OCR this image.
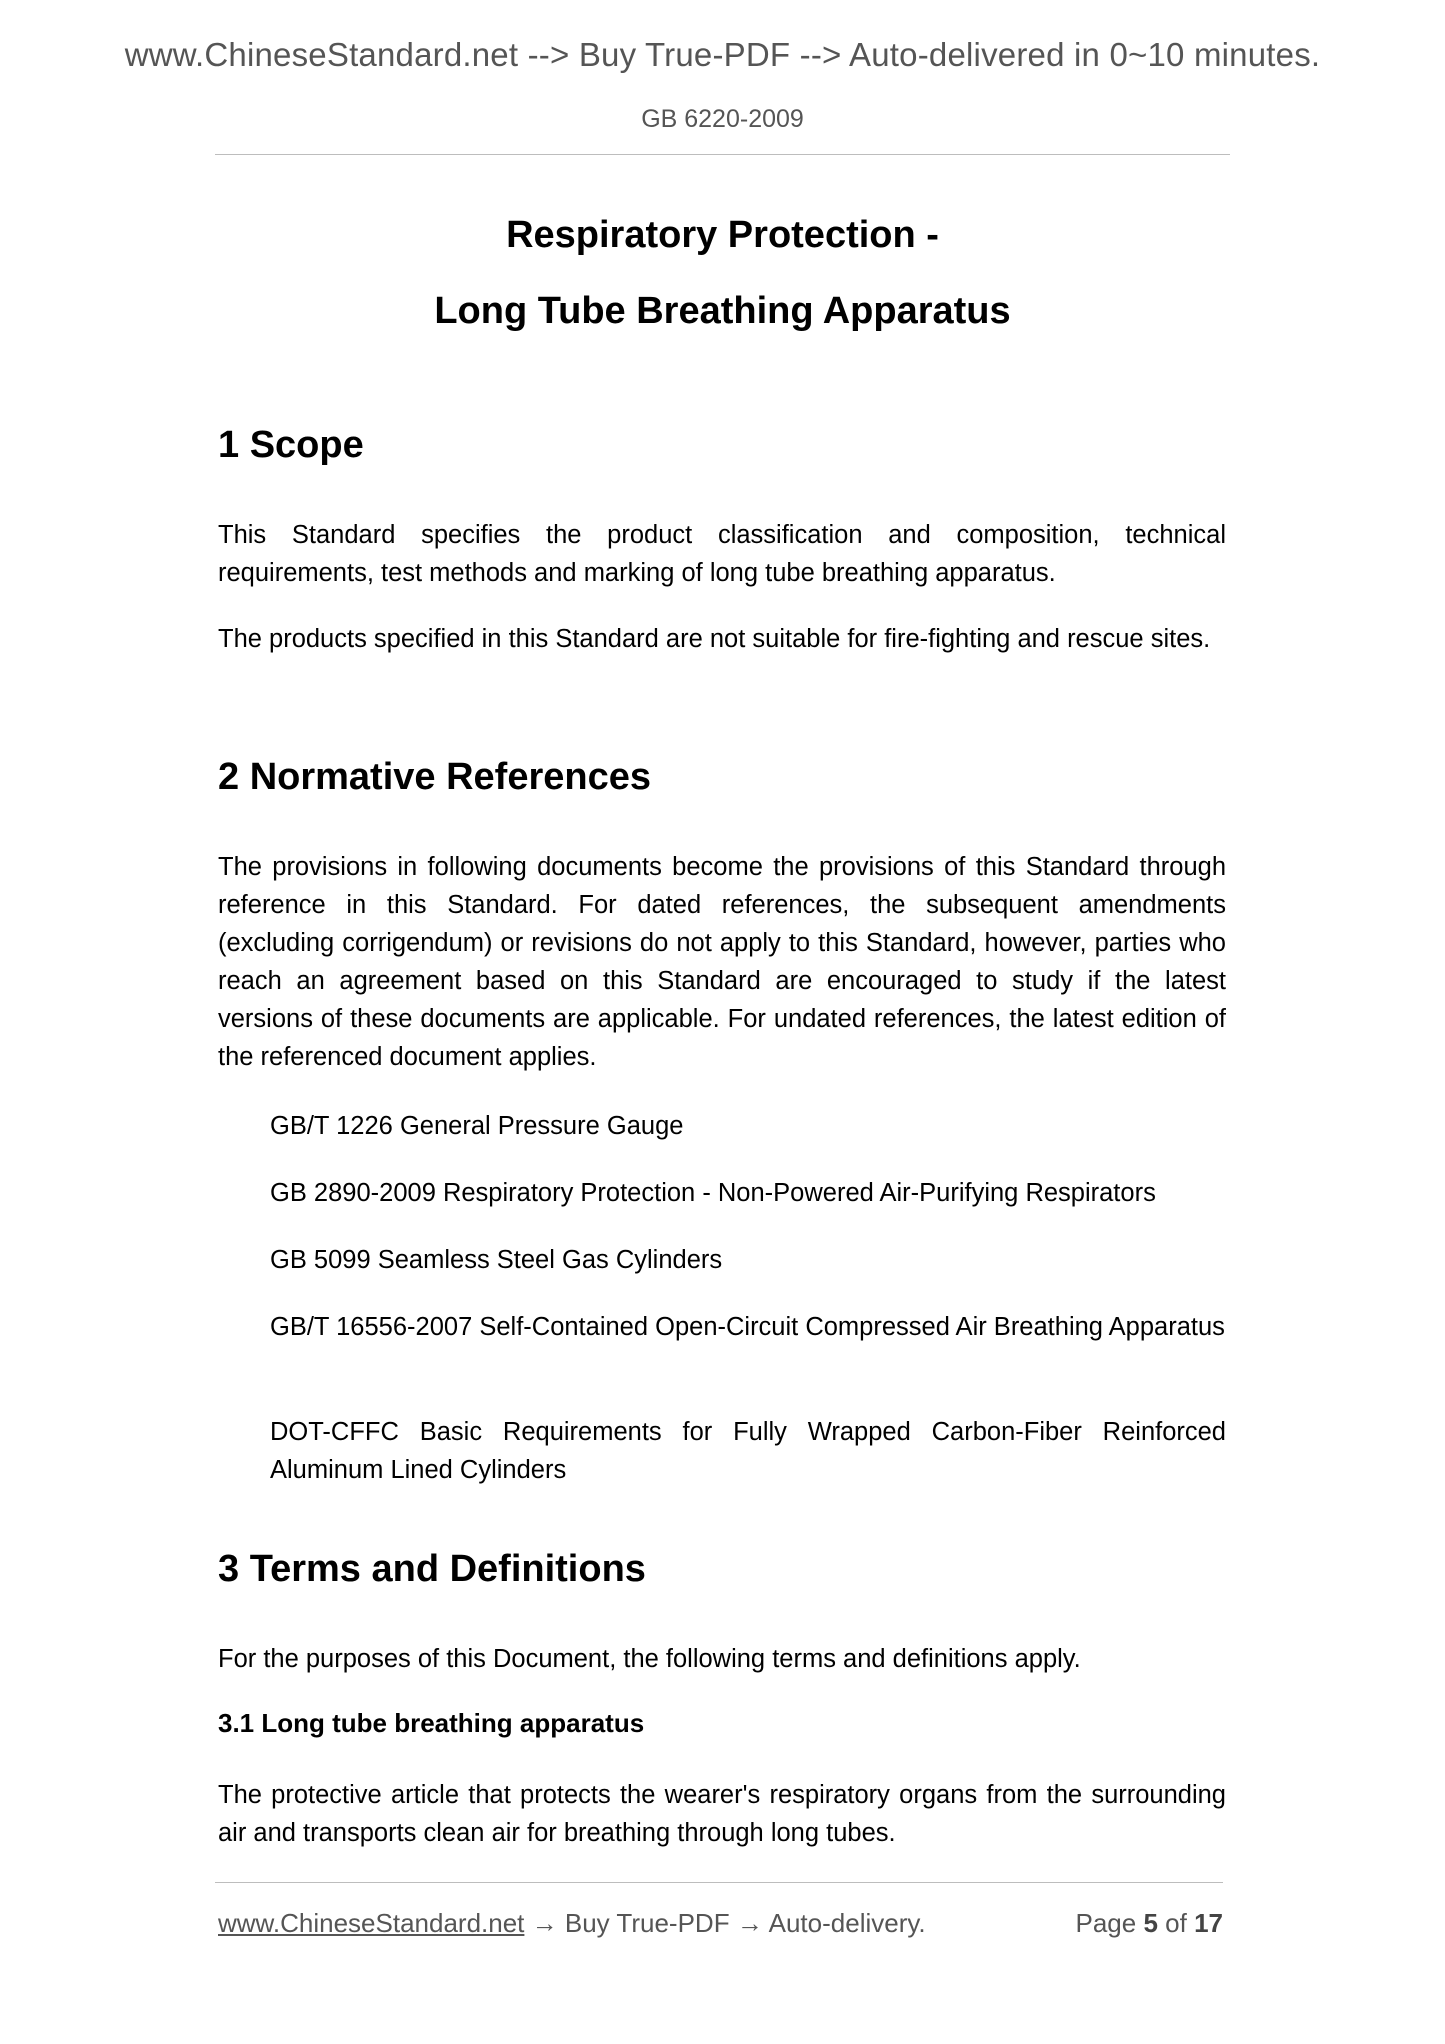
www.ChineseStandard.net --> Buy True-PDF --> Auto-delivered in 0~10 minutes.
GB 6220-2009
Respiratory Protection -
Long Tube Breathing Apparatus
1 Scope

This Standard specifies the product classification and composition, technical requirements, test methods and marking of long tube breathing apparatus.

The products specified in this Standard are not suitable for fire-fighting and rescue sites.

2 Normative References

The provisions in following documents become the provisions of this Standard through reference in this Standard. For dated references, the subsequent amendments (excluding corrigendum) or revisions do not apply to this Standard, however, parties who reach an agreement based on this Standard are encouraged to study if the latest versions of these documents are applicable. For undated references, the latest edition of the referenced document applies.

GB/T 1226 General Pressure Gauge

GB 2890-2009 Respiratory Protection - Non-Powered Air-Purifying Respirators

GB 5099 Seamless Steel Gas Cylinders

GB/T 16556-2007 Self-Contained Open-Circuit Compressed Air Breathing Apparatus

DOT-CFFC Basic Requirements for Fully Wrapped Carbon-Fiber Reinforced Aluminum Lined Cylinders

3 Terms and Definitions

For the purposes of this Document, the following terms and definitions apply.

3.1 Long tube breathing apparatus

The protective article that protects the wearer's respiratory organs from the surrounding air and transports clean air for breathing through long tubes.

www.ChineseStandard.net → Buy True-PDF → Auto-delivery.	Page 5 of 17
